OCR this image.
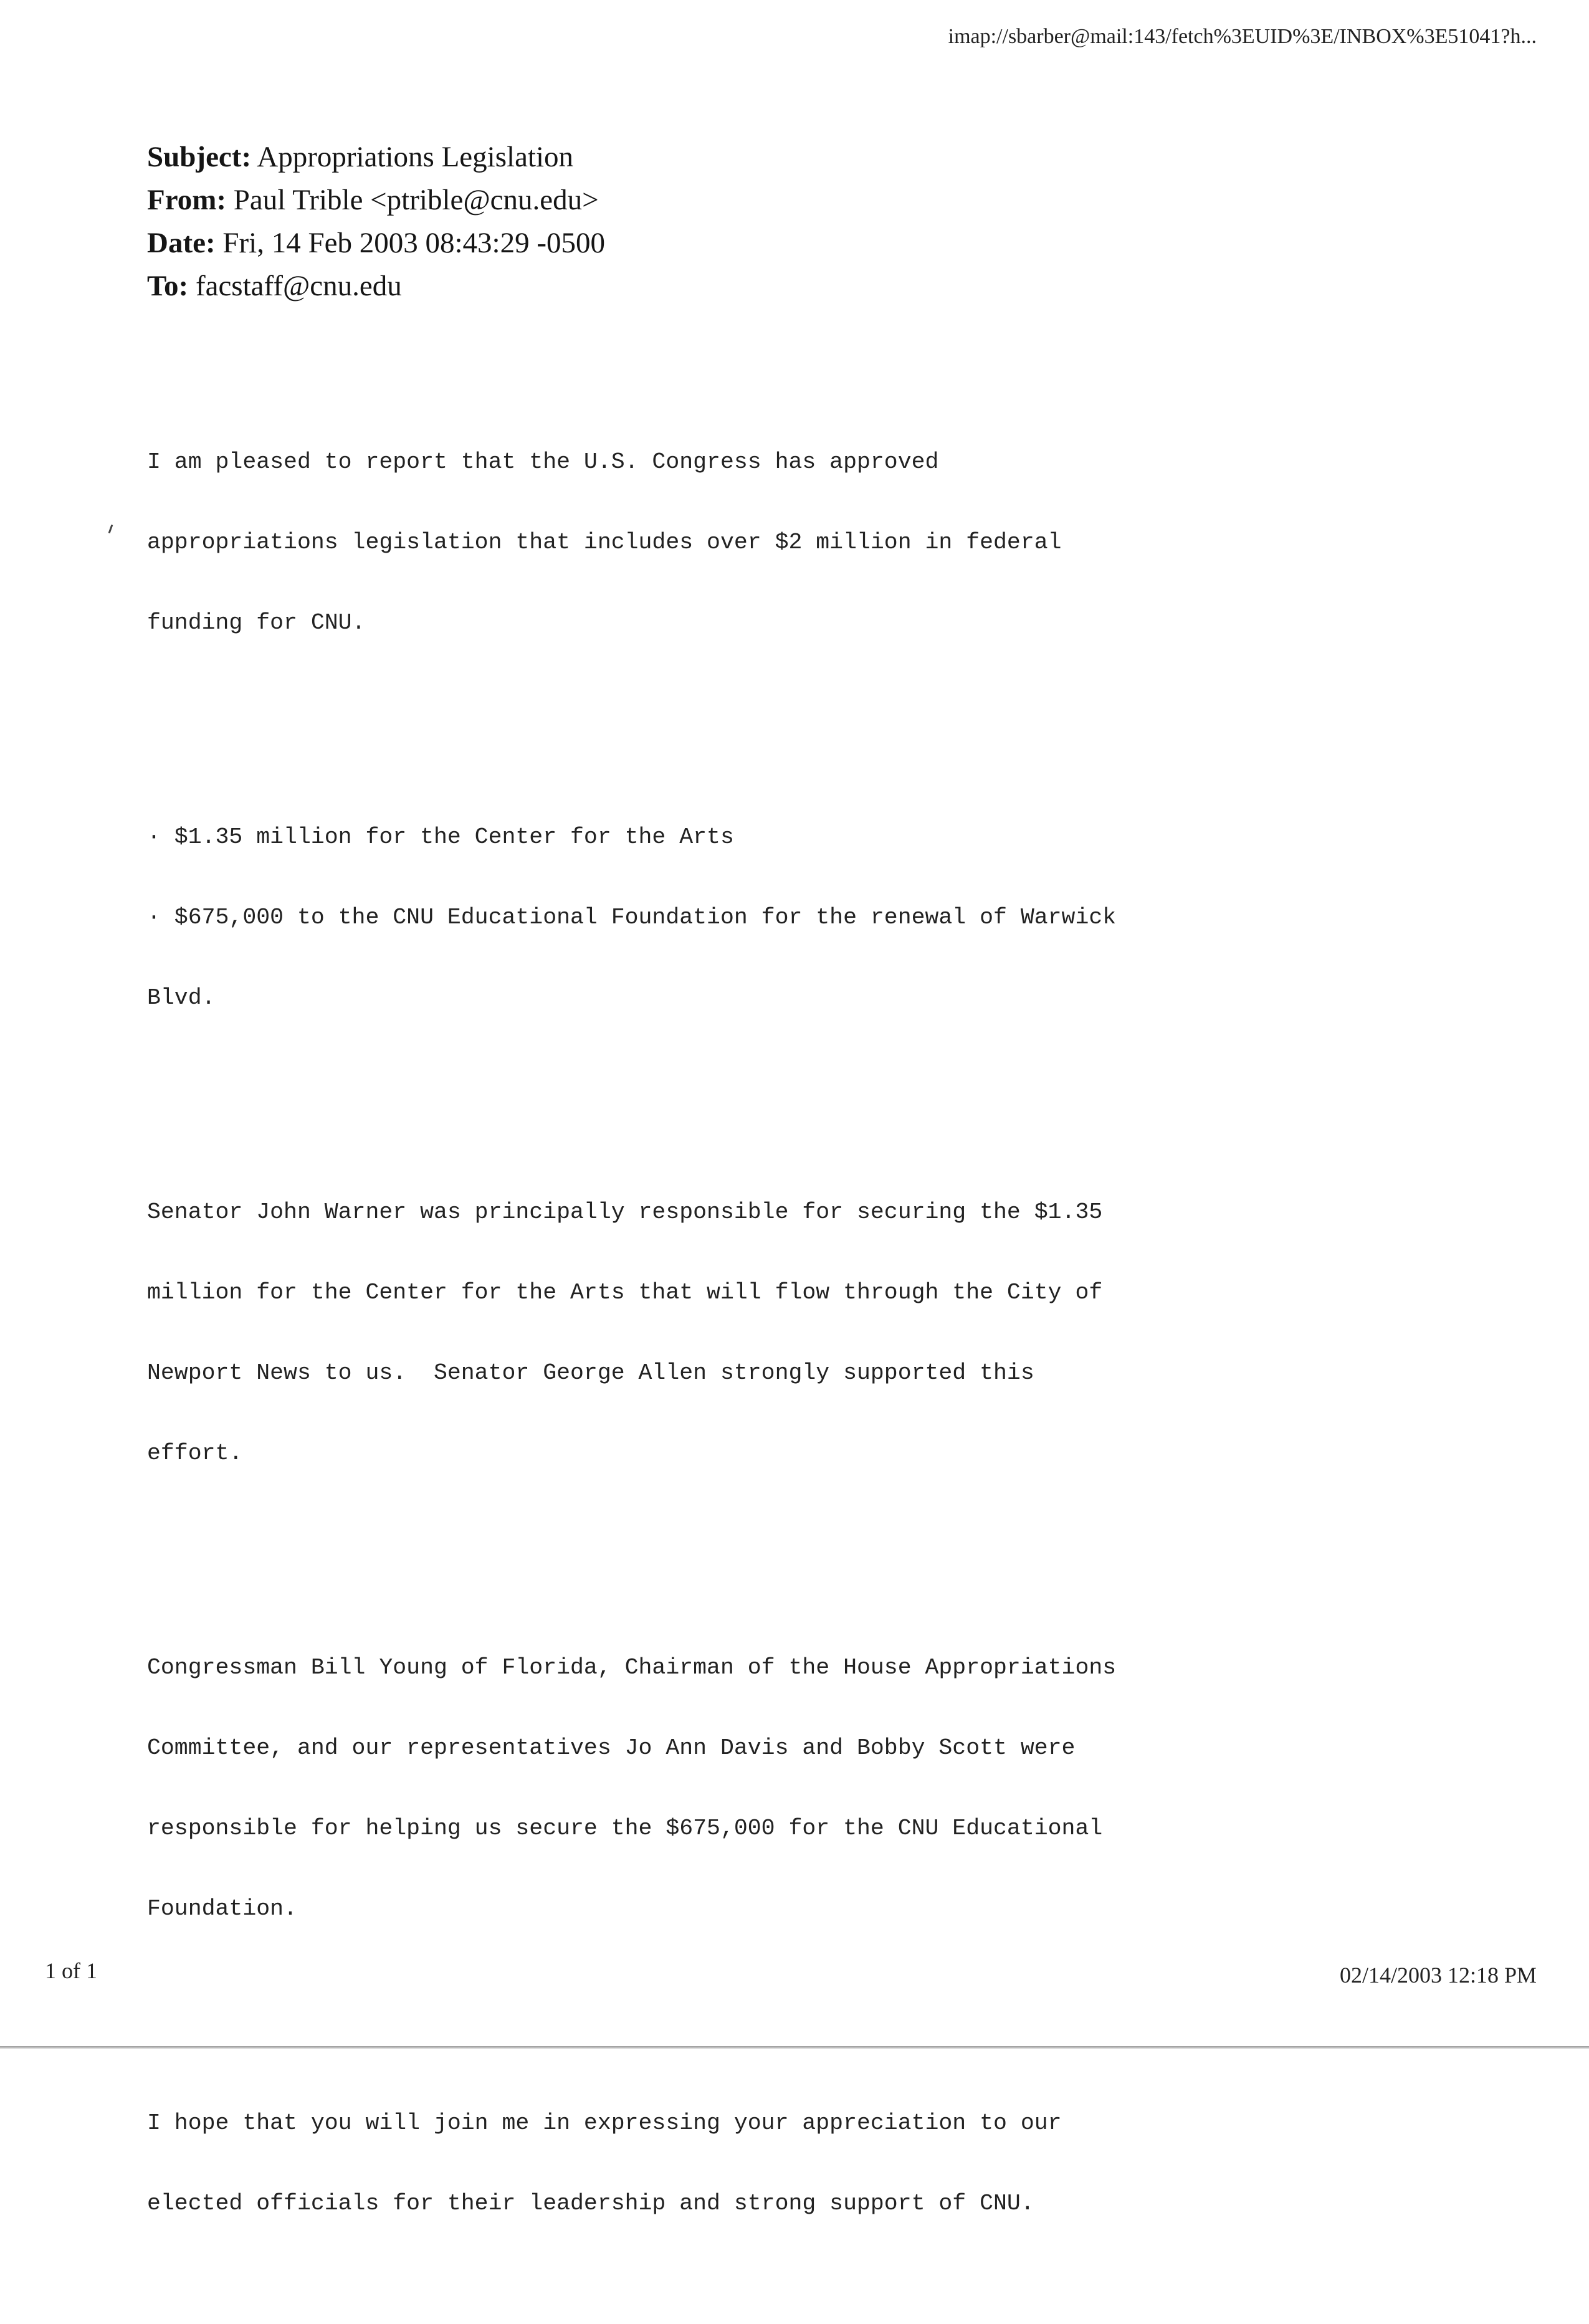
imap://sbarber@mail:143/fetch%3EUID%3E/INBOX%3E51041?h...
Subject: Appropriations Legislation
From: Paul Trible <ptrible@cnu.edu>
Date: Fri, 14 Feb 2003 08:43:29 -0500
To: facstaff@cnu.edu

I am pleased to report that the U.S. Congress has approved

appropriations legislation that includes over $2 million in federal

funding for CNU.

· $1.35 million for the Center for the Arts

· $675,000 to the CNU Educational Foundation for the renewal of Warwick

Blvd.

Senator John Warner was principally responsible for securing the $1.35

million for the Center for the Arts that will flow through the City of

Newport News to us.  Senator George Allen strongly supported this

effort.

Congressman Bill Young of Florida, Chairman of the House Appropriations

Committee, and our representatives Jo Ann Davis and Bobby Scott were

responsible for helping us secure the $675,000 for the CNU Educational

Foundation.

I hope that you will join me in expressing your appreciation to our

elected officials for their leadership and strong support of CNU.

1 of 1	02/14/2003 12:18 PM
